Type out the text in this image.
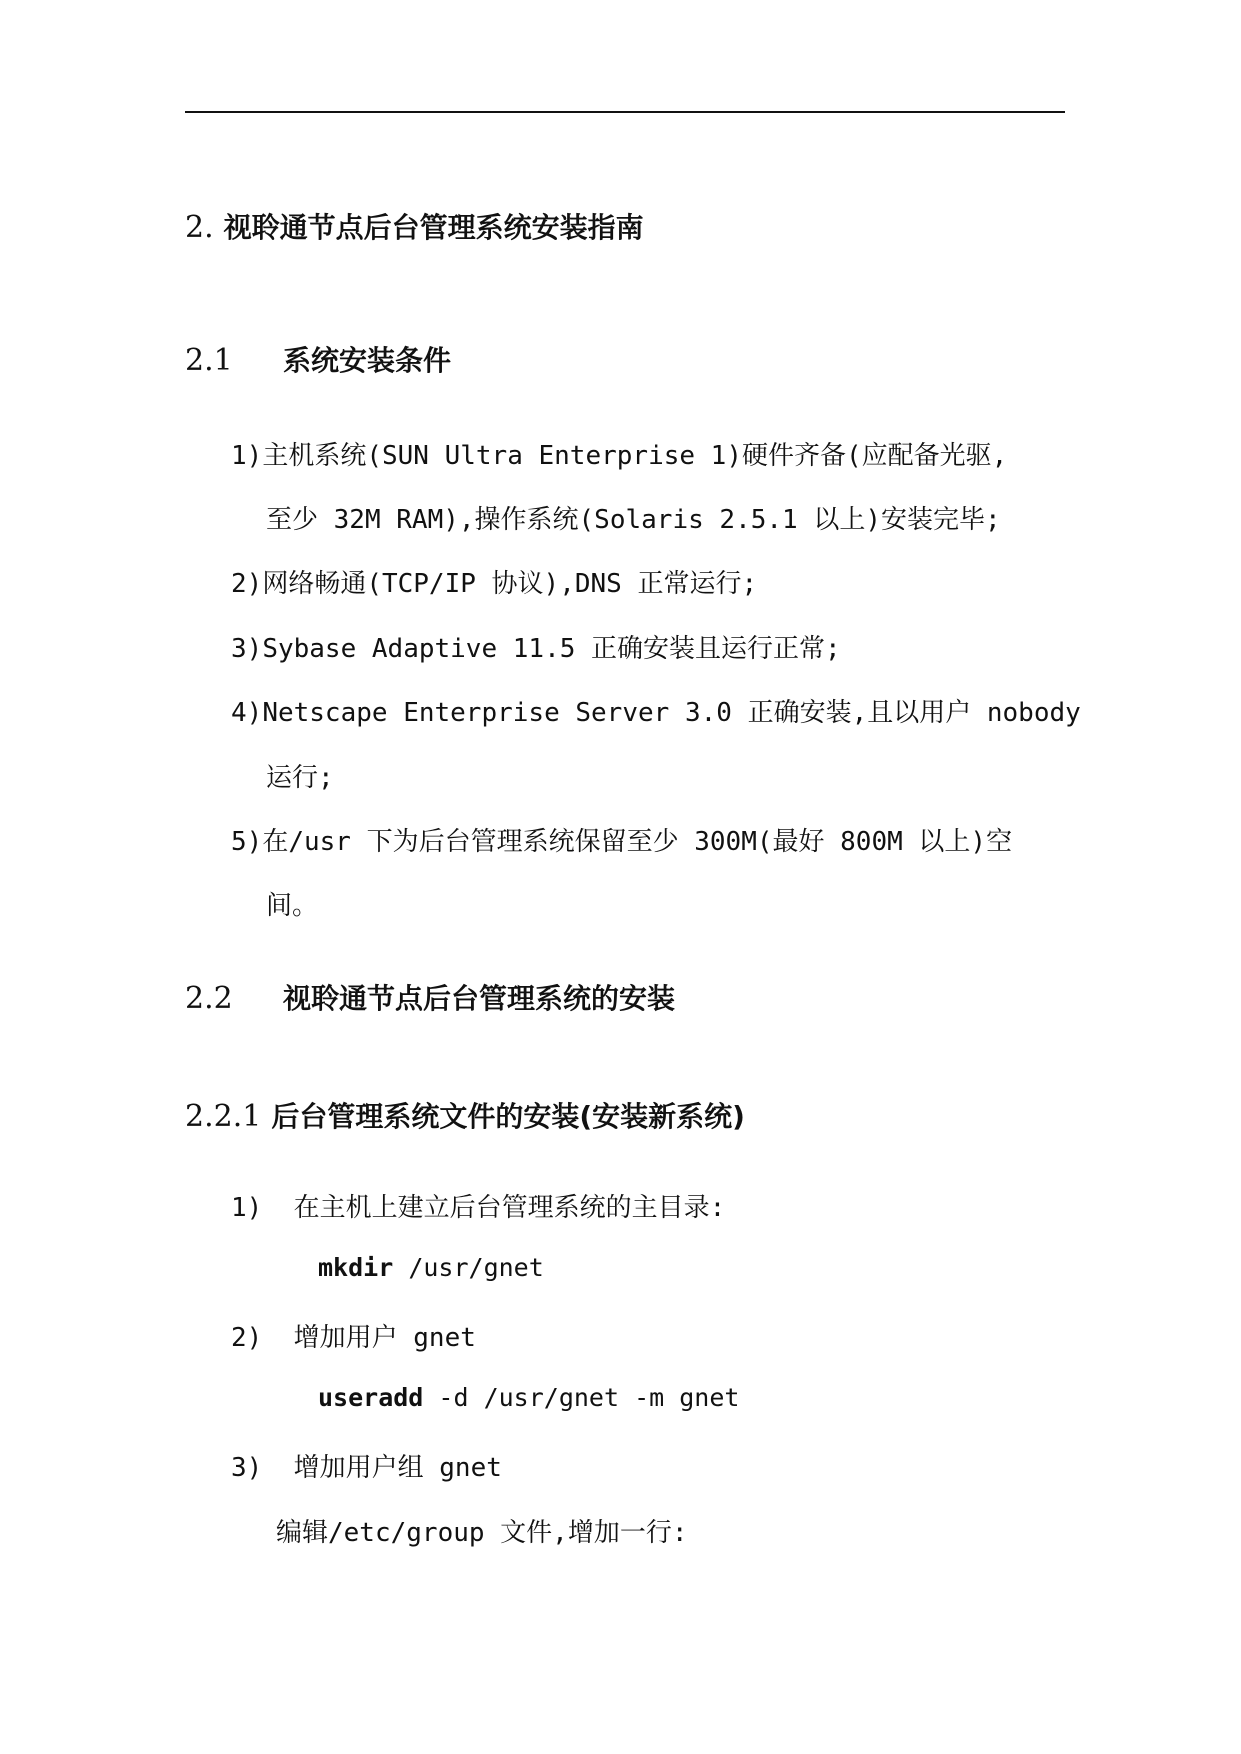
2. 视聆通节点后台管理系统安装指南
2.1 系统安装条件
1)主机系统(SUN Ultra Enterprise 1)硬件齐备(应配备光驱,
至少 32M RAM),操作系统(Solaris 2.5.1 以上)安装完毕;
2)网络畅通(TCP/IP 协议),DNS 正常运行;
3)Sybase Adaptive 11.5 正确安装且运行正常;
4)Netscape Enterprise Server 3.0 正确安装,且以用户 nobody
运行;
5)在/usr 下为后台管理系统保留至少 300M(最好 800M 以上)空
间。
2.2 视聆通节点后台管理系统的安装
2.2.1 后台管理系统文件的安装(安装新系统)
1) 在主机上建立后台管理系统的主目录:
mkdir /usr/gnet
2) 增加用户 gnet
useradd -d /usr/gnet -m gnet
3) 增加用户组 gnet
编辑/etc/group 文件,增加一行:
